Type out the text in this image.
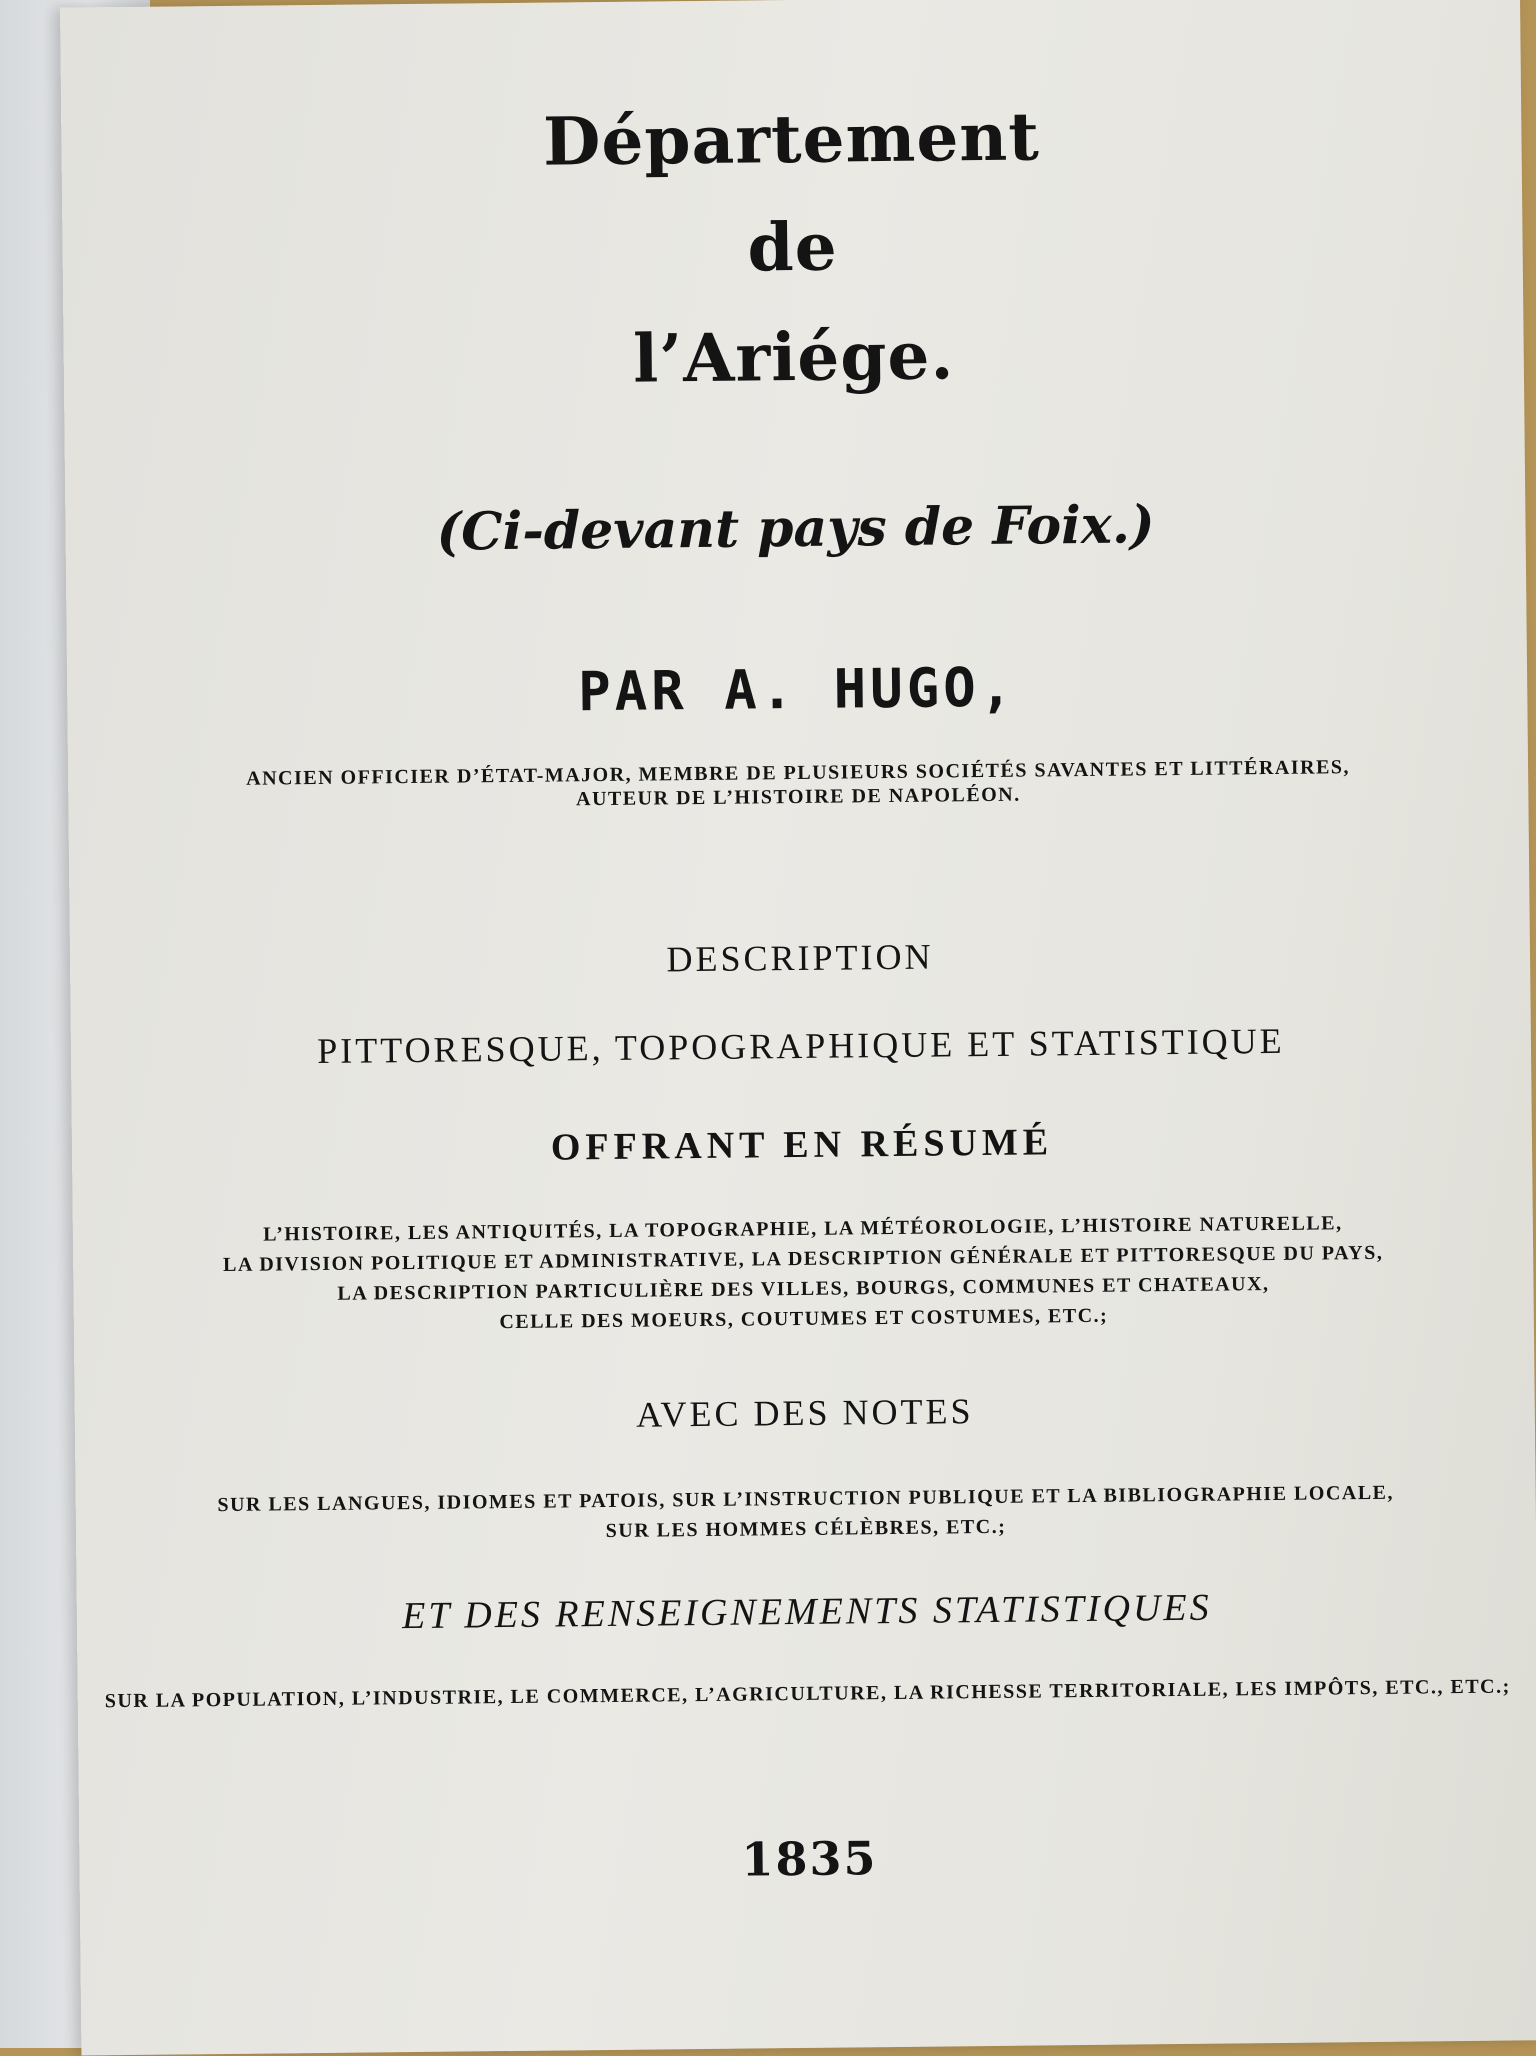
Département
de
l’Ariége.
(Ci-devant pays de Foix.)
PAR A. HUGO,
ANCIEN OFFICIER D’ÉTAT-MAJOR, MEMBRE DE PLUSIEURS SOCIÉTÉS SAVANTES ET LITTÉRAIRES,
AUTEUR DE L’HISTOIRE DE NAPOLÉON.
DESCRIPTION
PITTORESQUE, TOPOGRAPHIQUE ET STATISTIQUE
OFFRANT EN RÉSUMÉ
L’HISTOIRE, LES ANTIQUITÉS, LA TOPOGRAPHIE, LA MÉTÉOROLOGIE, L’HISTOIRE NATURELLE,
LA DIVISION POLITIQUE ET ADMINISTRATIVE, LA DESCRIPTION GÉNÉRALE ET PITTORESQUE DU PAYS,
LA DESCRIPTION PARTICULIÈRE DES VILLES, BOURGS, COMMUNES ET CHATEAUX,
CELLE DES MOEURS, COUTUMES ET COSTUMES, ETC.;
AVEC DES NOTES
SUR LES LANGUES, IDIOMES ET PATOIS, SUR L’INSTRUCTION PUBLIQUE ET LA BIBLIOGRAPHIE LOCALE,
SUR LES HOMMES CÉLÈBRES, ETC.;
ET DES RENSEIGNEMENTS STATISTIQUES
SUR LA POPULATION, L’INDUSTRIE, LE COMMERCE, L’AGRICULTURE, LA RICHESSE TERRITORIALE, LES IMPÔTS, ETC., ETC.;
1835
